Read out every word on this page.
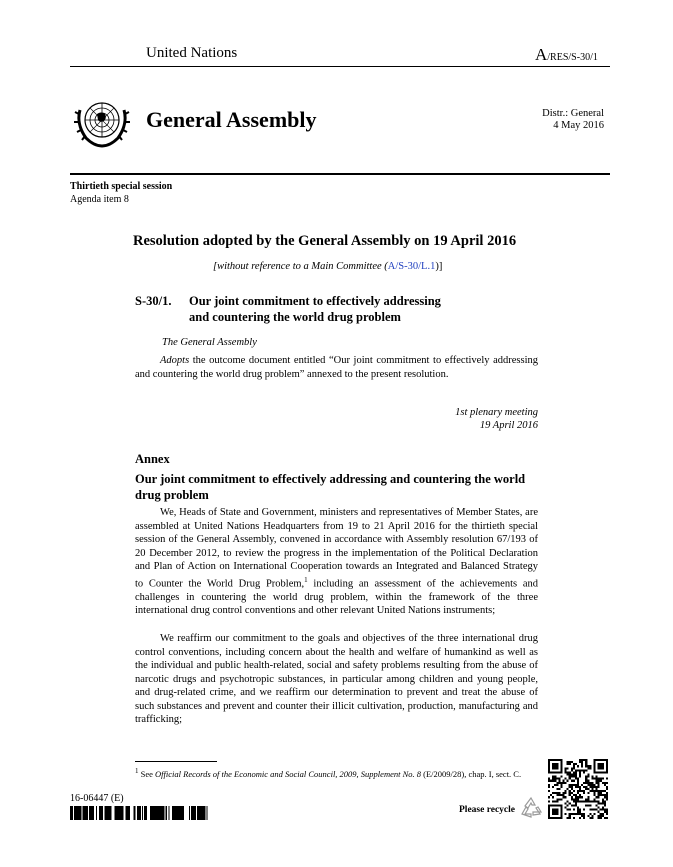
United Nations	A/RES/S-30/1
General Assembly	Distr.: General
4 May 2016
Thirtieth special session
Agenda item 8
Resolution adopted by the General Assembly on 19 April 2016
[without reference to a Main Committee (A/S-30/L.1)]
S-30/1. Our joint commitment to effectively addressing
and countering the world drug problem
The General Assembly

Adopts the outcome document entitled “Our joint commitment to effectively addressing and countering the world drug problem” annexed to the present resolution.

1st plenary meeting
19 April 2016
Annex
Our joint commitment to effectively addressing and countering the world drug problem

We, Heads of State and Government, ministers and representatives of Member States, are assembled at United Nations Headquarters from 19 to 21 April 2016 for the thirtieth special session of the General Assembly, convened in accordance with Assembly resolution 67/193 of 20 December 2012, to review the progress in the implementation of the Political Declaration and Plan of Action on International Cooperation towards an Integrated and Balanced Strategy to Counter the World Drug Problem,$^1$ including an assessment of the achievements and challenges in countering the world drug problem, within the framework of the three international drug control conventions and other relevant United Nations instruments;

We reaffirm our commitment to the goals and objectives of the three international drug control conventions, including concern about the health and welfare of humankind as well as the individual and public health-related, social and safety problems resulting from the abuse of narcotic drugs and psychotropic substances, in particular among children and young people, and drug-related crime, and we reaffirm our determination to prevent and treat the abuse of such substances and prevent and counter their illicit cultivation, production, manufacturing and trafficking;

$^1$ See Official Records of the Economic and Social Council, 2009, Supplement No. 8 (E/2009/28), chap. I, sect. C.
16-06447 (E)
Please recycle
